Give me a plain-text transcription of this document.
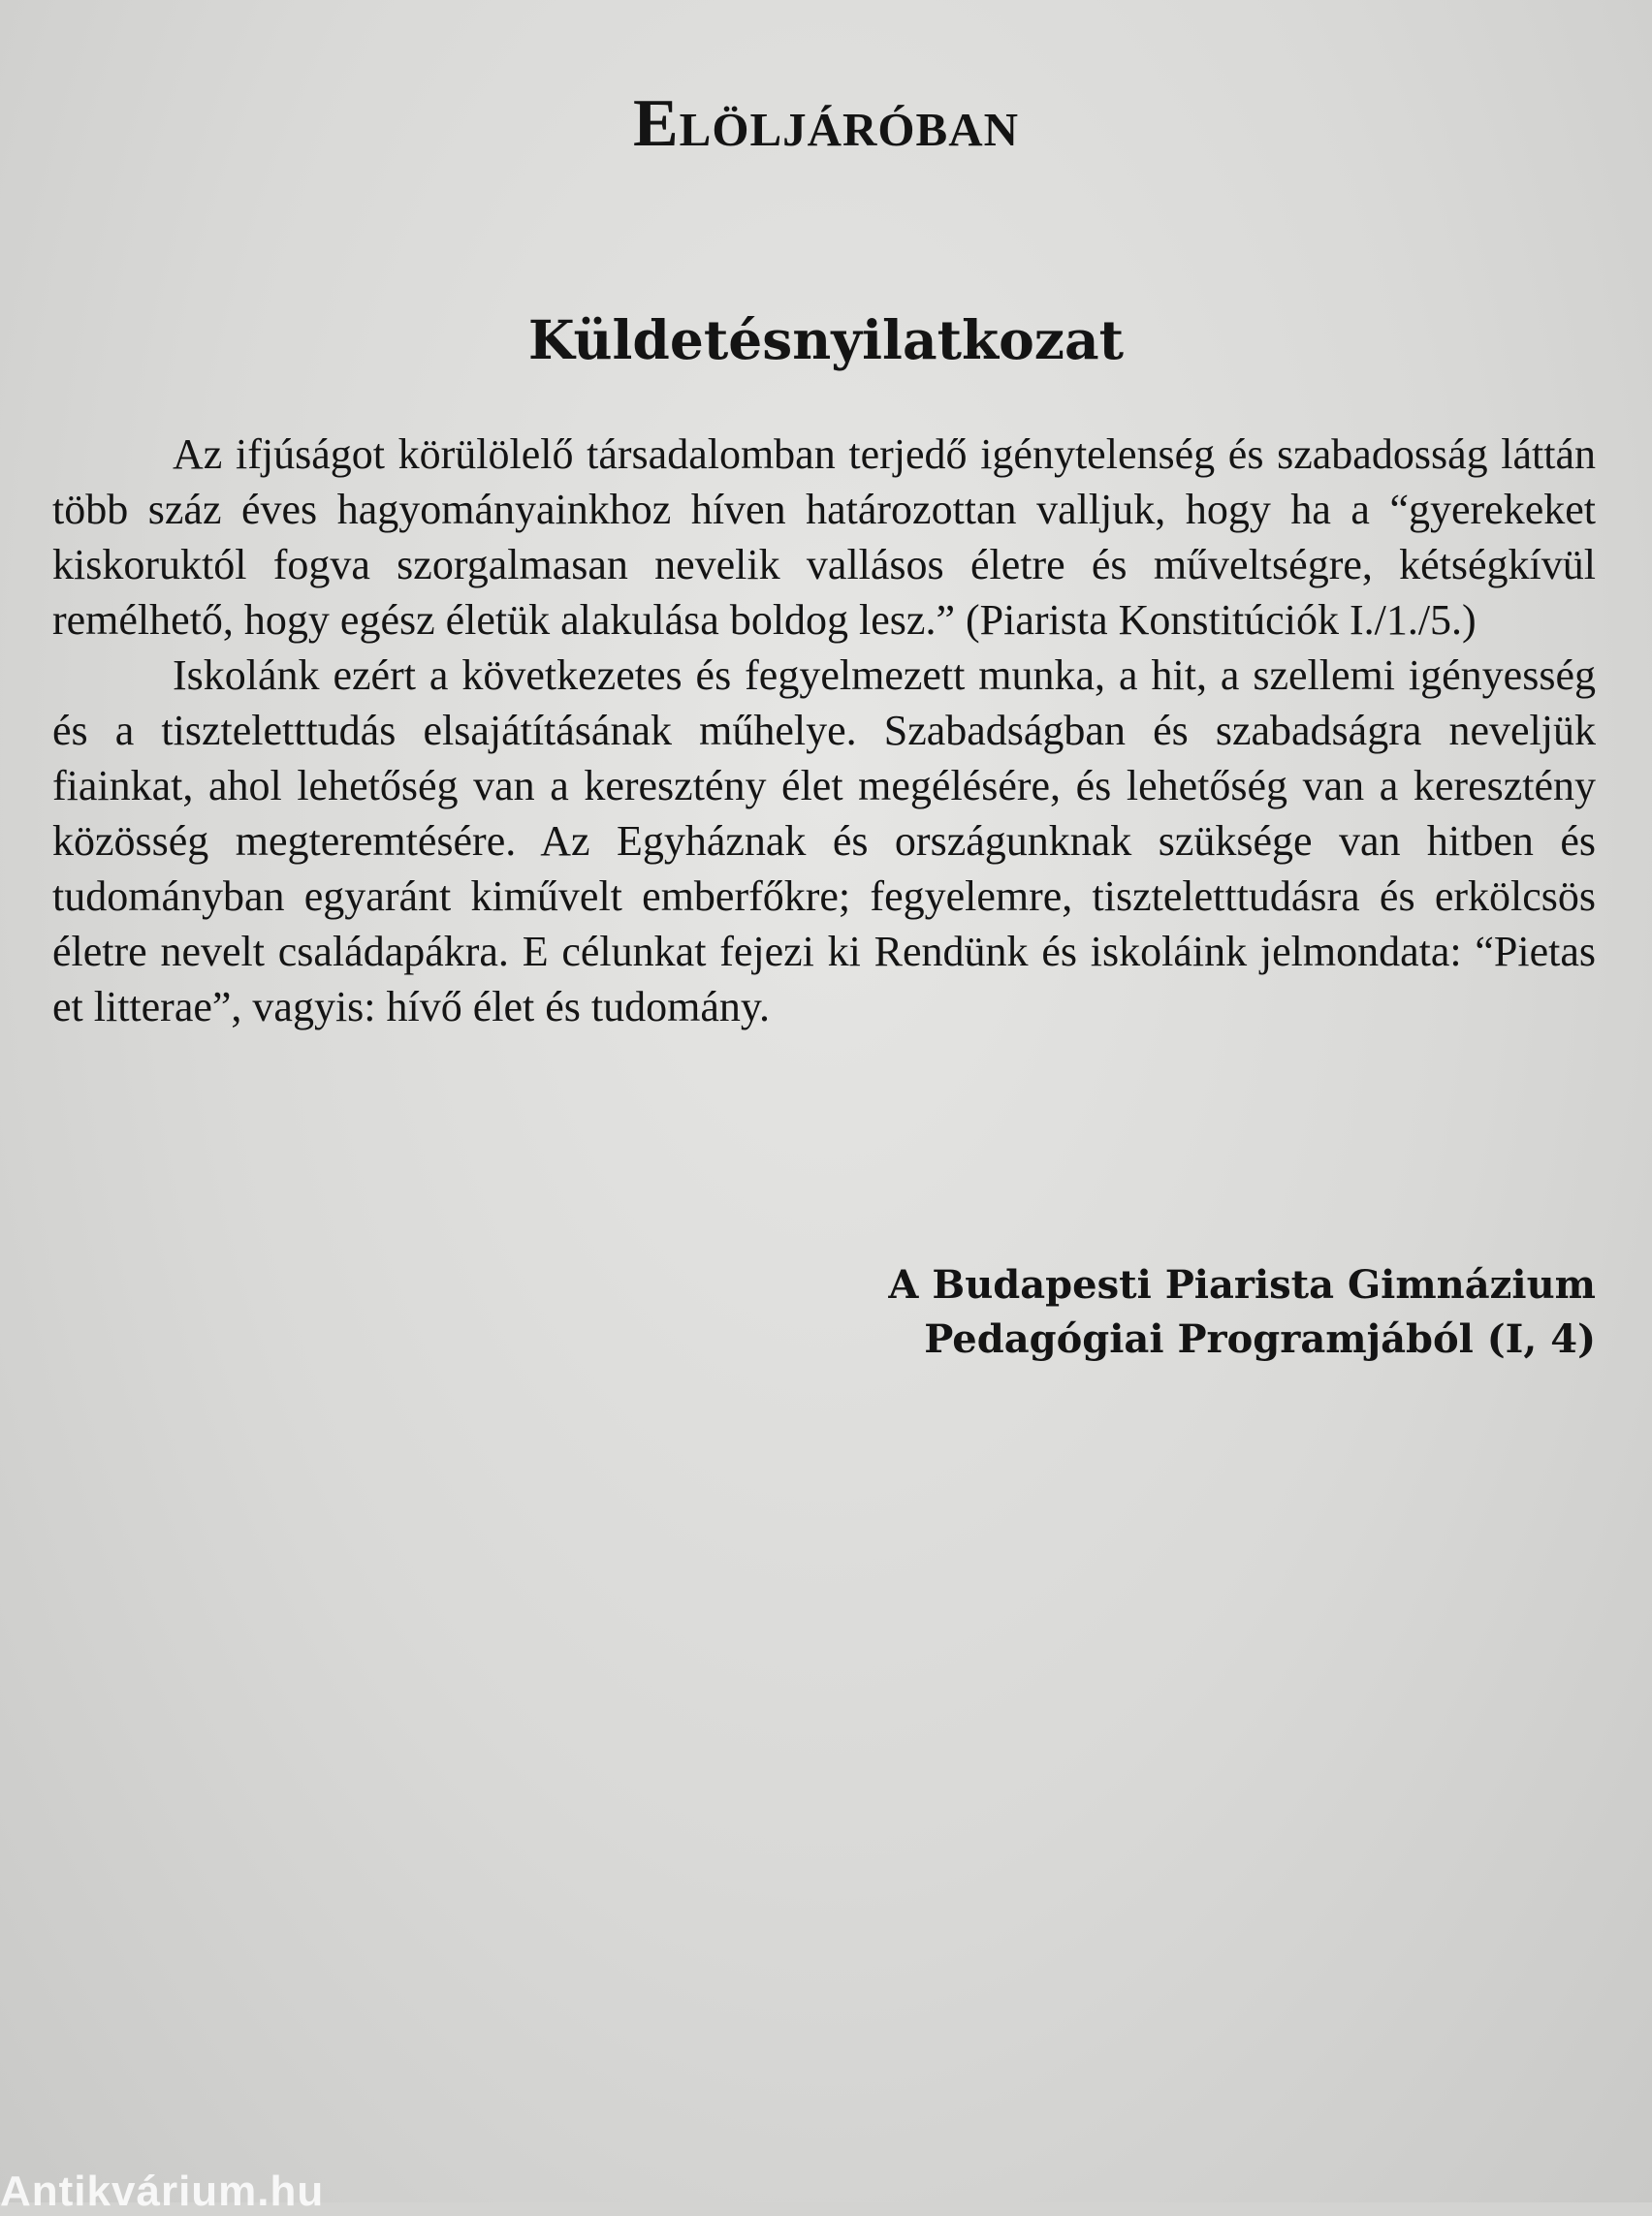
Elöljáróban
Küldetésnyilatkozat

Az ifjúságot körülölelő társadalomban terjedő igénytelenség és szabadosság láttán több száz éves hagyományainkhoz híven határozottan valljuk, hogy ha a “gyerekeket kiskoruktól fogva szorgalmasan nevelik vallásos életre és műveltségre, kétségkívül remélhető, hogy egész életük alakulása boldog lesz.” (Piarista Konstitúciók I./1./5.)

Iskolánk ezért a következetes és fegyelmezett munka, a hit, a szellemi igényesség és a tiszteletttudás elsajátításának műhelye. Szabadságban és szabadságra neveljük fiainkat, ahol lehetőség van a keresztény élet megélésére, és lehetőség van a keresztény közösség megteremtésére. Az Egyháznak és országunknak szüksége van hitben és tudományban egyaránt kiművelt emberfőkre; fegyelemre, tiszteletttudásra és erkölcsös életre nevelt családapákra. E célunkat fejezi ki Rendünk és iskoláink jelmondata: “Pietas et litterae”, vagyis: hívő élet és tudomány.

A Budapesti Piarista Gimnázium
Pedagógiai Programjából (I, 4)
Antikvárium.hu
